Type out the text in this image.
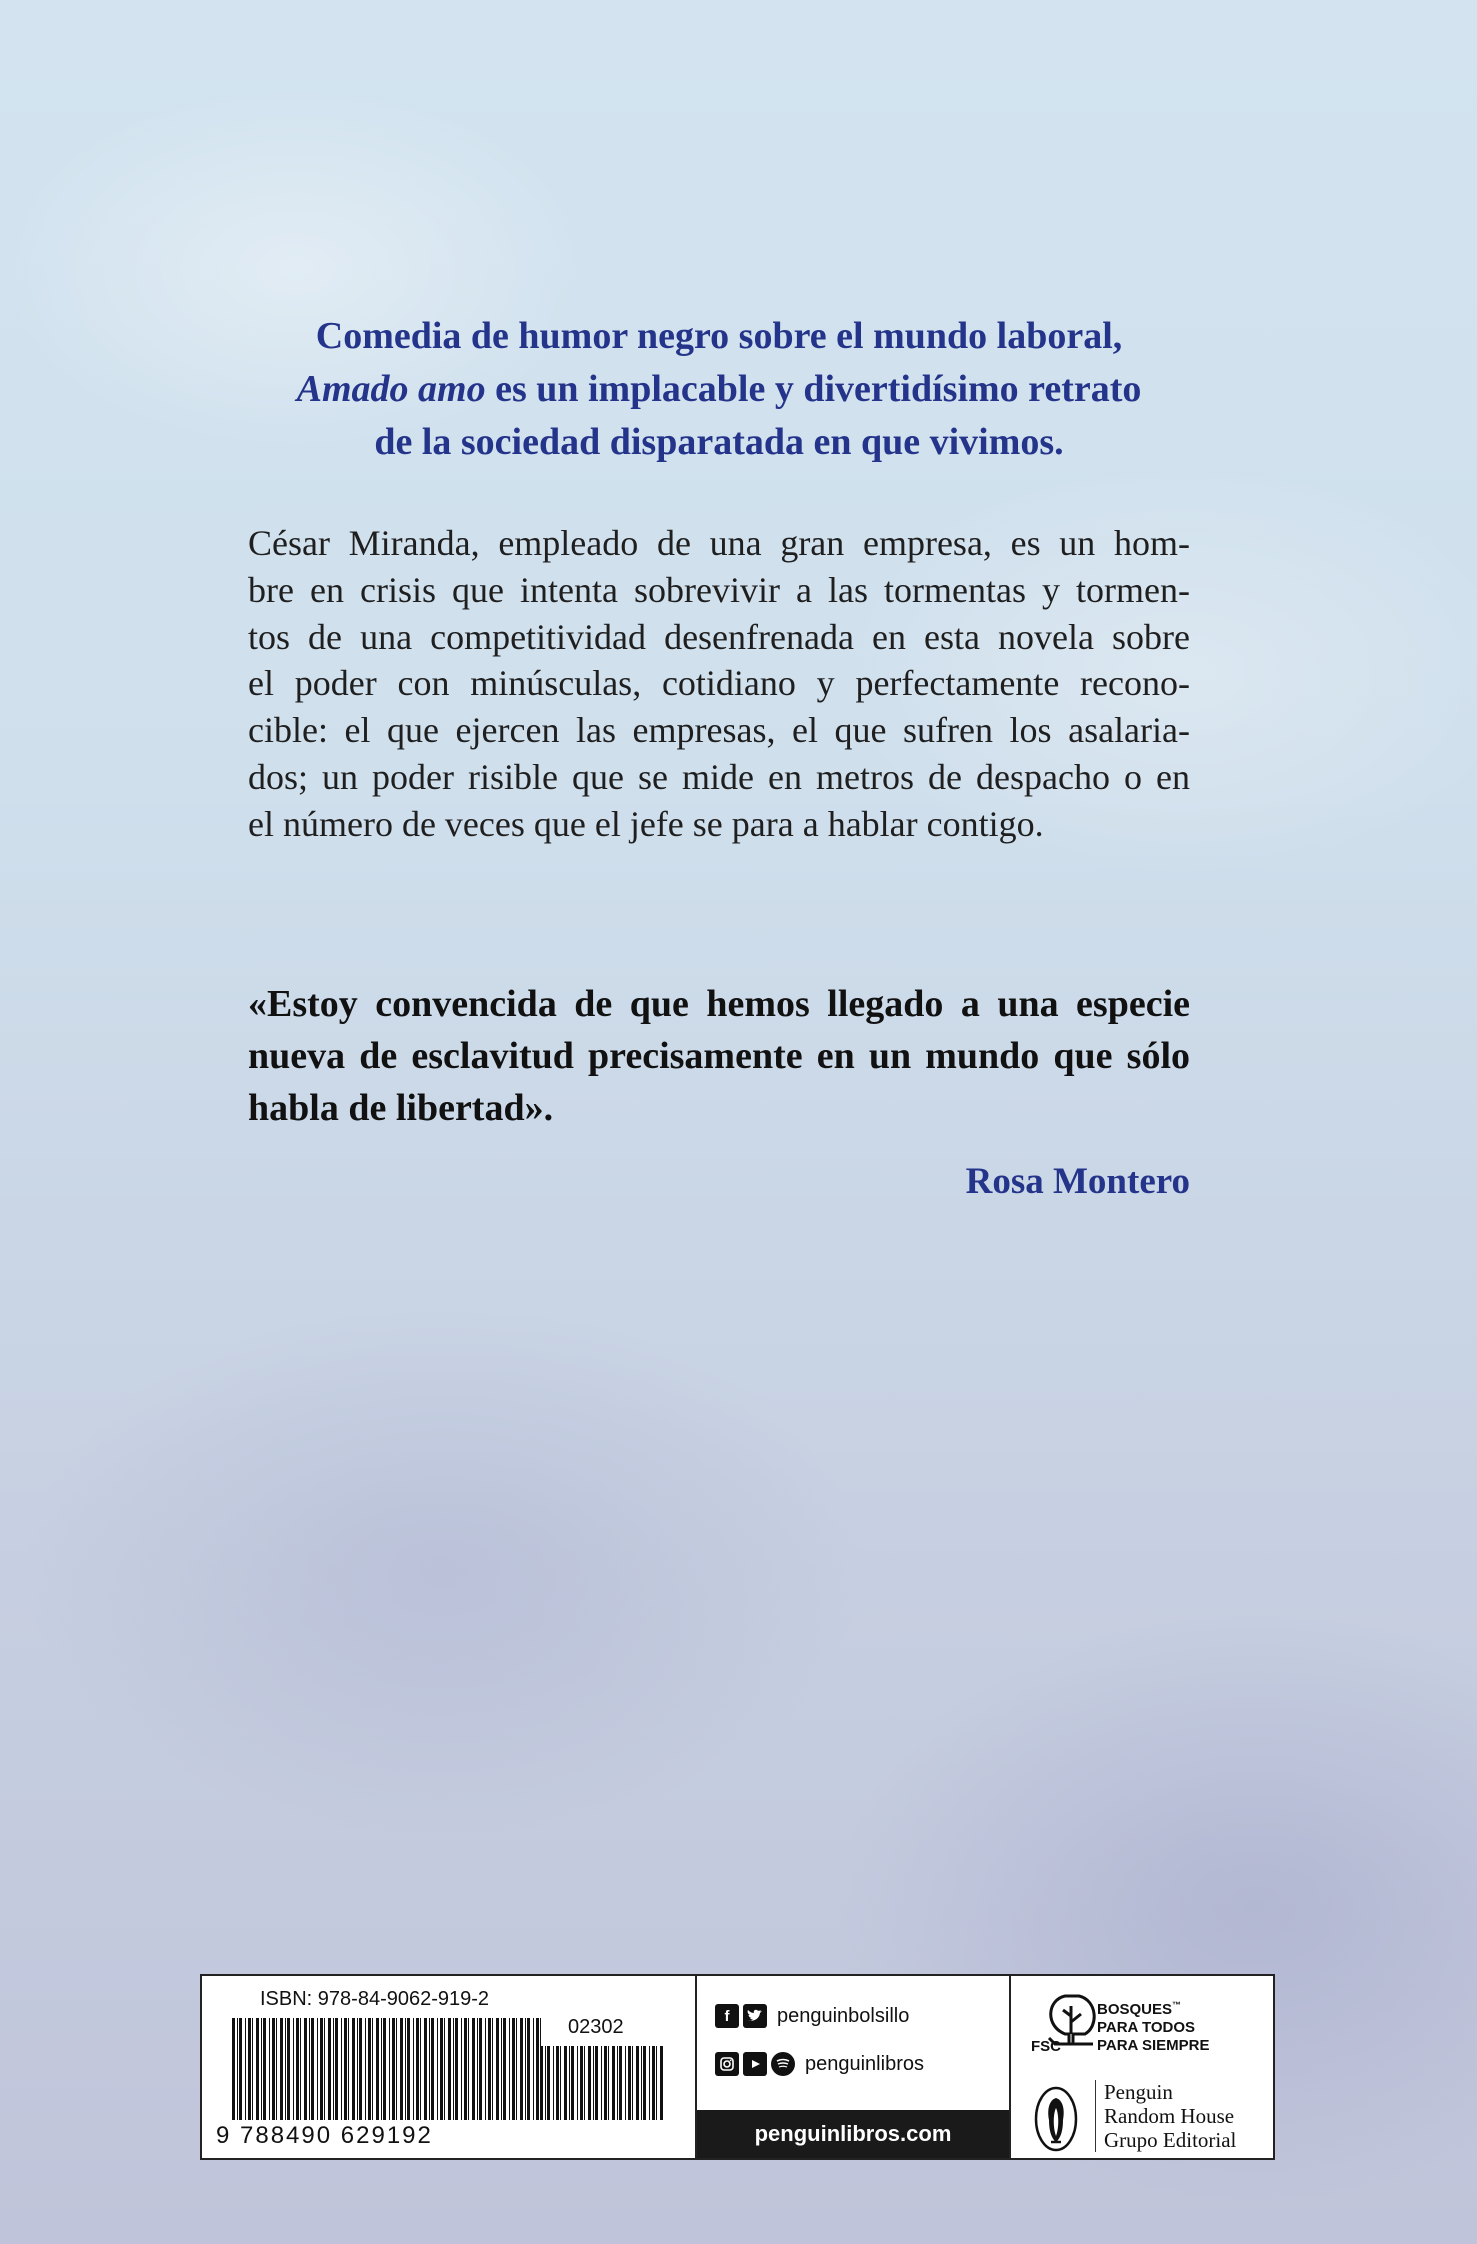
Comedia de humor negro sobre el mundo laboral,
Amado amo es un implacable y divertidísimo retrato
de la sociedad disparatada en que vivimos.
César Miranda, empleado de una gran empresa, es un hom-
bre en crisis que intenta sobrevivir a las tormentas y tormen-
tos de una competitividad desenfrenada en esta novela sobre
el poder con minúsculas, cotidiano y perfectamente recono-
cible: el que ejercen las empresas, el que sufren los asalaria-
dos; un poder risible que se mide en metros de despacho o en
el número de veces que el jefe se para a hablar contigo.
«Estoy convencida de que hemos llegado a una especie
nueva de esclavitud precisamente en un mundo que sólo
habla de libertad».
Rosa Montero
ISBN: 978-84-9062-919-2
02302
9 788490 629192
f	penguinbolsillo
penguinlibros
penguinlibros.com
BOSQUES™
PARA TODOS
PARA SIEMPRE
FSC
Penguin
Random House
Grupo Editorial
